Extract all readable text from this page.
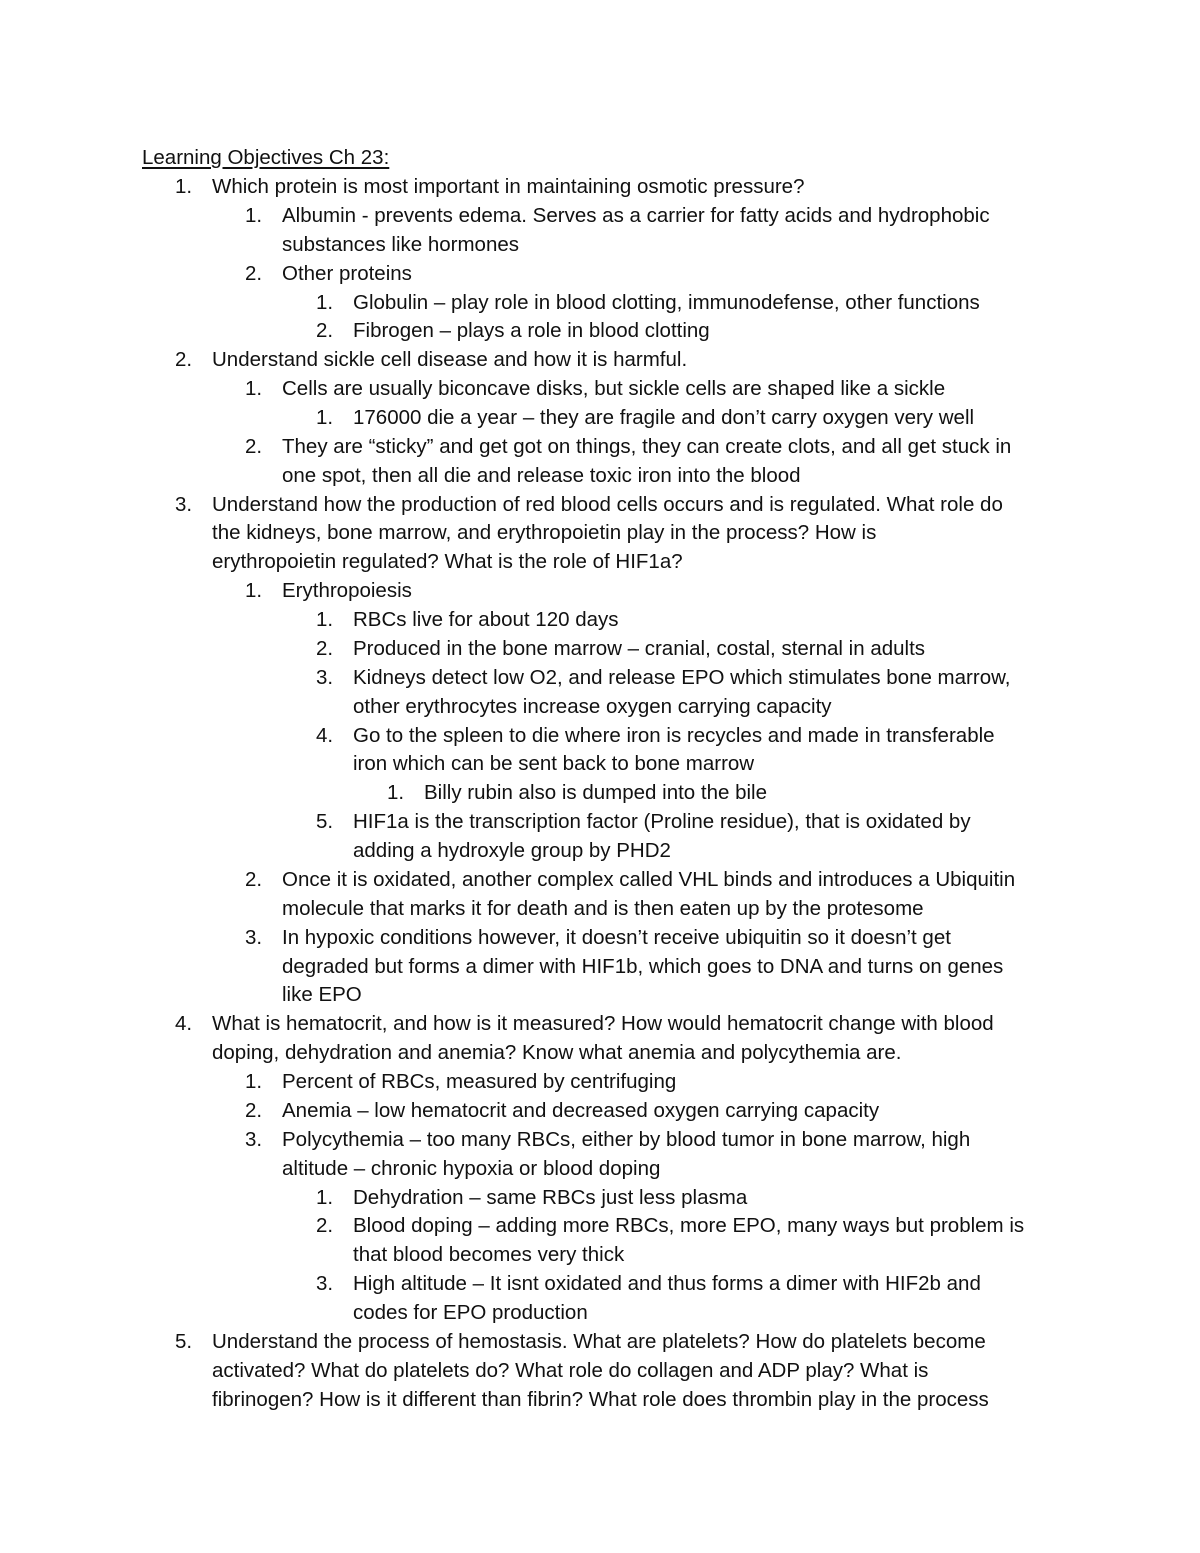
Learning Objectives Ch 23:
1. Which protein is most important in maintaining osmotic pressure?
1. Albumin - prevents edema. Serves as a carrier for fatty acids and hydrophobic
substances like hormones
2. Other proteins
1. Globulin – play role in blood clotting, immunodefense, other functions
2. Fibrogen – plays a role in blood clotting
2. Understand sickle cell disease and how it is harmful.
1. Cells are usually biconcave disks, but sickle cells are shaped like a sickle
1. 176000 die a year – they are fragile and don’t carry oxygen very well
2. They are “sticky” and get got on things, they can create clots, and all get stuck in
one spot, then all die and release toxic iron into the blood
3. Understand how the production of red blood cells occurs and is regulated. What role do
the kidneys, bone marrow, and erythropoietin play in the process? How is
erythropoietin regulated? What is the role of HIF1a?
1. Erythropoiesis
1. RBCs live for about 120 days
2. Produced in the bone marrow – cranial, costal, sternal in adults
3. Kidneys detect low O2, and release EPO which stimulates bone marrow,
other erythrocytes increase oxygen carrying capacity
4. Go to the spleen to die where iron is recycles and made in transferable
iron which can be sent back to bone marrow
1. Billy rubin also is dumped into the bile
5. HIF1a is the transcription factor (Proline residue), that is oxidated by
adding a hydroxyle group by PHD2
2. Once it is oxidated, another complex called VHL binds and introduces a Ubiquitin
molecule that marks it for death and is then eaten up by the protesome
3. In hypoxic conditions however, it doesn’t receive ubiquitin so it doesn’t get
degraded but forms a dimer with HIF1b, which goes to DNA and turns on genes
like EPO
4. What is hematocrit, and how is it measured? How would hematocrit change with blood
doping, dehydration and anemia? Know what anemia and polycythemia are.
1. Percent of RBCs, measured by centrifuging
2. Anemia – low hematocrit and decreased oxygen carrying capacity
3. Polycythemia – too many RBCs, either by blood tumor in bone marrow, high
altitude – chronic hypoxia or blood doping
1. Dehydration – same RBCs just less plasma
2. Blood doping – adding more RBCs, more EPO, many ways but problem is
that blood becomes very thick
3. High altitude – It isnt oxidated and thus forms a dimer with HIF2b and
codes for EPO production
5. Understand the process of hemostasis. What are platelets? How do platelets become
activated? What do platelets do? What role do collagen and ADP play? What is
fibrinogen? How is it different than fibrin? What role does thrombin play in the process
